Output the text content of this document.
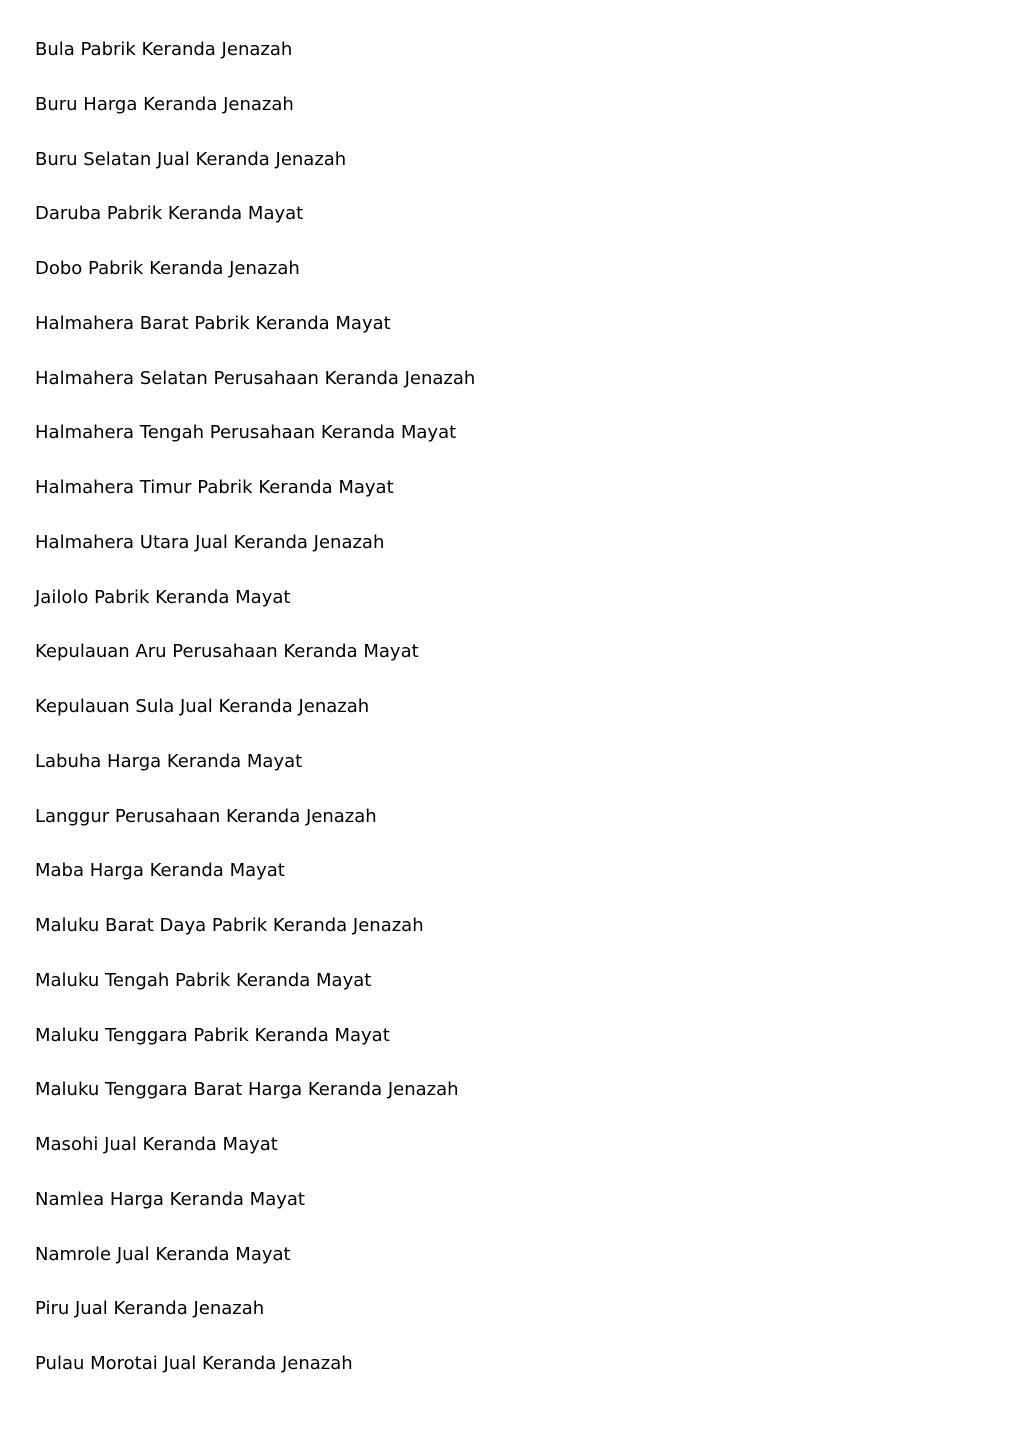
Bula Pabrik Keranda Jenazah
Buru Harga Keranda Jenazah
Buru Selatan Jual Keranda Jenazah
Daruba Pabrik Keranda Mayat
Dobo Pabrik Keranda Jenazah
Halmahera Barat Pabrik Keranda Mayat
Halmahera Selatan Perusahaan Keranda Jenazah
Halmahera Tengah Perusahaan Keranda Mayat
Halmahera Timur Pabrik Keranda Mayat
Halmahera Utara Jual Keranda Jenazah
Jailolo Pabrik Keranda Mayat
Kepulauan Aru Perusahaan Keranda Mayat
Kepulauan Sula Jual Keranda Jenazah
Labuha Harga Keranda Mayat
Langgur Perusahaan Keranda Jenazah
Maba Harga Keranda Mayat
Maluku Barat Daya Pabrik Keranda Jenazah
Maluku Tengah Pabrik Keranda Mayat
Maluku Tenggara Pabrik Keranda Mayat
Maluku Tenggara Barat Harga Keranda Jenazah
Masohi Jual Keranda Mayat
Namlea Harga Keranda Mayat
Namrole Jual Keranda Mayat
Piru Jual Keranda Jenazah
Pulau Morotai Jual Keranda Jenazah
